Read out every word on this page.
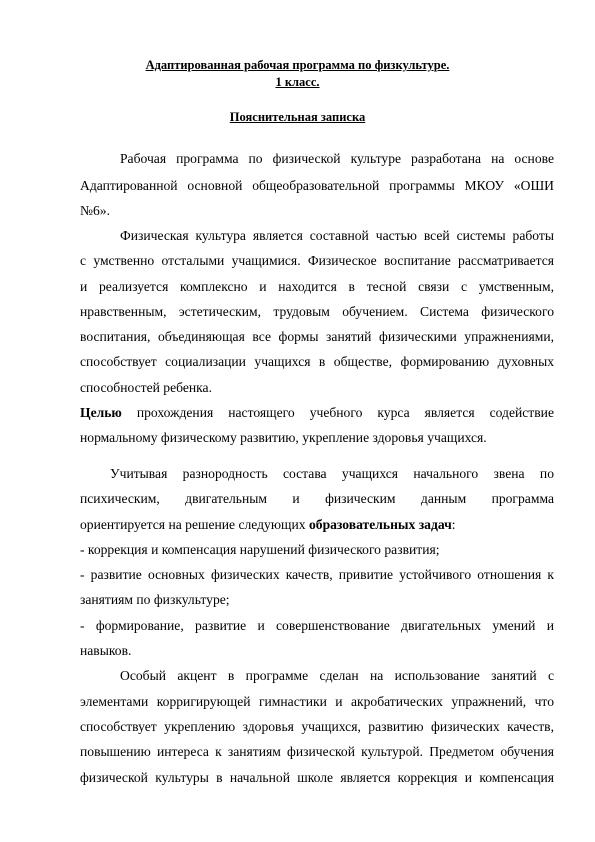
Адаптированная рабочая программа по физкультуре.
1 класс.
Пояснительная записка
Рабочая программа по физической культуре разработана на основе
Адаптированной основной общеобразовательной программы МКОУ «ОШИ
№6».
Физическая культура является составной частью всей системы работы
с умственно отсталыми учащимися. Физическое воспитание рассматривается
и реализуется комплексно и находится в тесной связи с умственным,
нравственным, эстетическим, трудовым обучением. Система физического
воспитания, объединяющая все формы занятий физическими упражнениями,
способствует социализации учащихся в обществе, формированию духовных
способностей ребенка.
Целью прохождения настоящего учебного курса является содействие
нормальному физическому развитию, укрепление здоровья учащихся.
Учитывая разнородность состава учащихся начального звена по
психическим, двигательным и физическим данным программа
ориентируется на решение следующих образовательных задач:
- коррекция и компенсация нарушений физического развития;
- развитие основных физических качеств, привитие устойчивого отношения к
занятиям по физкультуре;
- формирование, развитие и совершенствование двигательных умений и
навыков.
Особый акцент в программе сделан на использование занятий с
элементами корригирующей гимнастики и акробатических упражнений, что
способствует укреплению здоровья учащихся, развитию физических качеств,
повышению интереса к занятиям физической культурой. Предметом обучения
физической культуры в начальной школе является коррекция и компенсация
